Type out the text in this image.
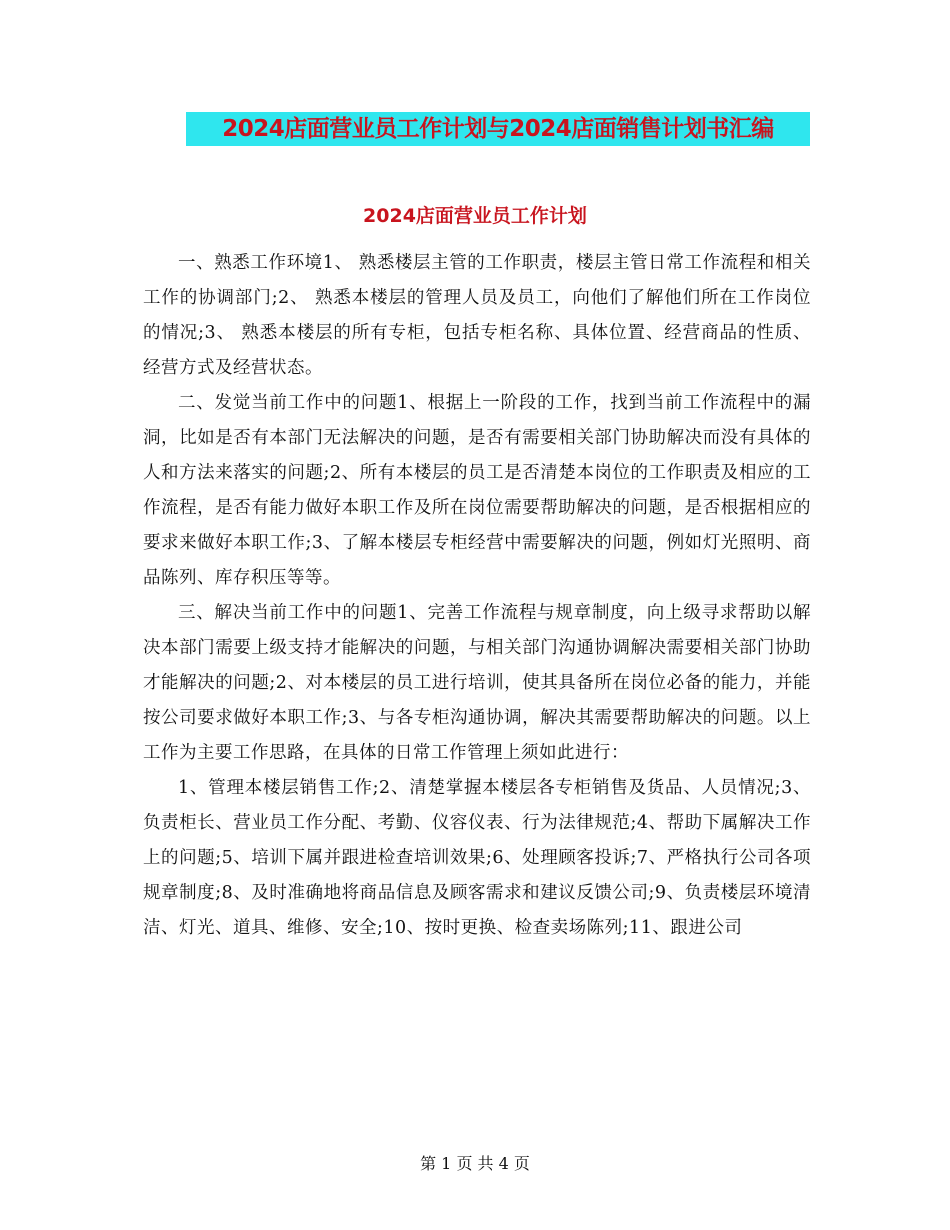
2024店面营业员工作计划与2024店面销售计划书汇编
2024店面营业员工作计划

一、熟悉工作环境1、 熟悉楼层主管的工作职责，楼层主管日常工作流程和相关工作的协调部门;2、 熟悉本楼层的管理人员及员工，向他们了解他们所在工作岗位的情况;3、 熟悉本楼层的所有专柜，包括专柜名称、具体位置、经营商品的性质、经营方式及经营状态。

二、发觉当前工作中的问题1、根据上一阶段的工作，找到当前工作流程中的漏洞，比如是否有本部门无法解决的问题，是否有需要相关部门协助解决而没有具体的人和方法来落实的问题;2、所有本楼层的员工是否清楚本岗位的工作职责及相应的工作流程，是否有能力做好本职工作及所在岗位需要帮助解决的问题，是否根据相应的要求来做好本职工作;3、了解本楼层专柜经营中需要解决的问题，例如灯光照明、商品陈列、库存积压等等。

三、解决当前工作中的问题1、完善工作流程与规章制度，向上级寻求帮助以解决本部门需要上级支持才能解决的问题，与相关部门沟通协调解决需要相关部门协助才能解决的问题;2、对本楼层的员工进行培训，使其具备所在岗位必备的能力，并能按公司要求做好本职工作;3、与各专柜沟通协调，解决其需要帮助解决的问题。以上工作为主要工作思路，在具体的日常工作管理上须如此进行：

1、管理本楼层销售工作;2、清楚掌握本楼层各专柜销售及货品、人员情况;3、负责柜长、营业员工作分配、考勤、仪容仪表、行为法律规范;4、帮助下属解决工作上的问题;5、培训下属并跟进检查培训效果;6、处理顾客投诉;7、严格执行公司各项规章制度;8、及时准确地将商品信息及顾客需求和建议反馈公司;9、负责楼层环境清洁、灯光、道具、维修、安全;10、按时更换、检查卖场陈列;11、跟进公司

第 1 页 共 4 页
